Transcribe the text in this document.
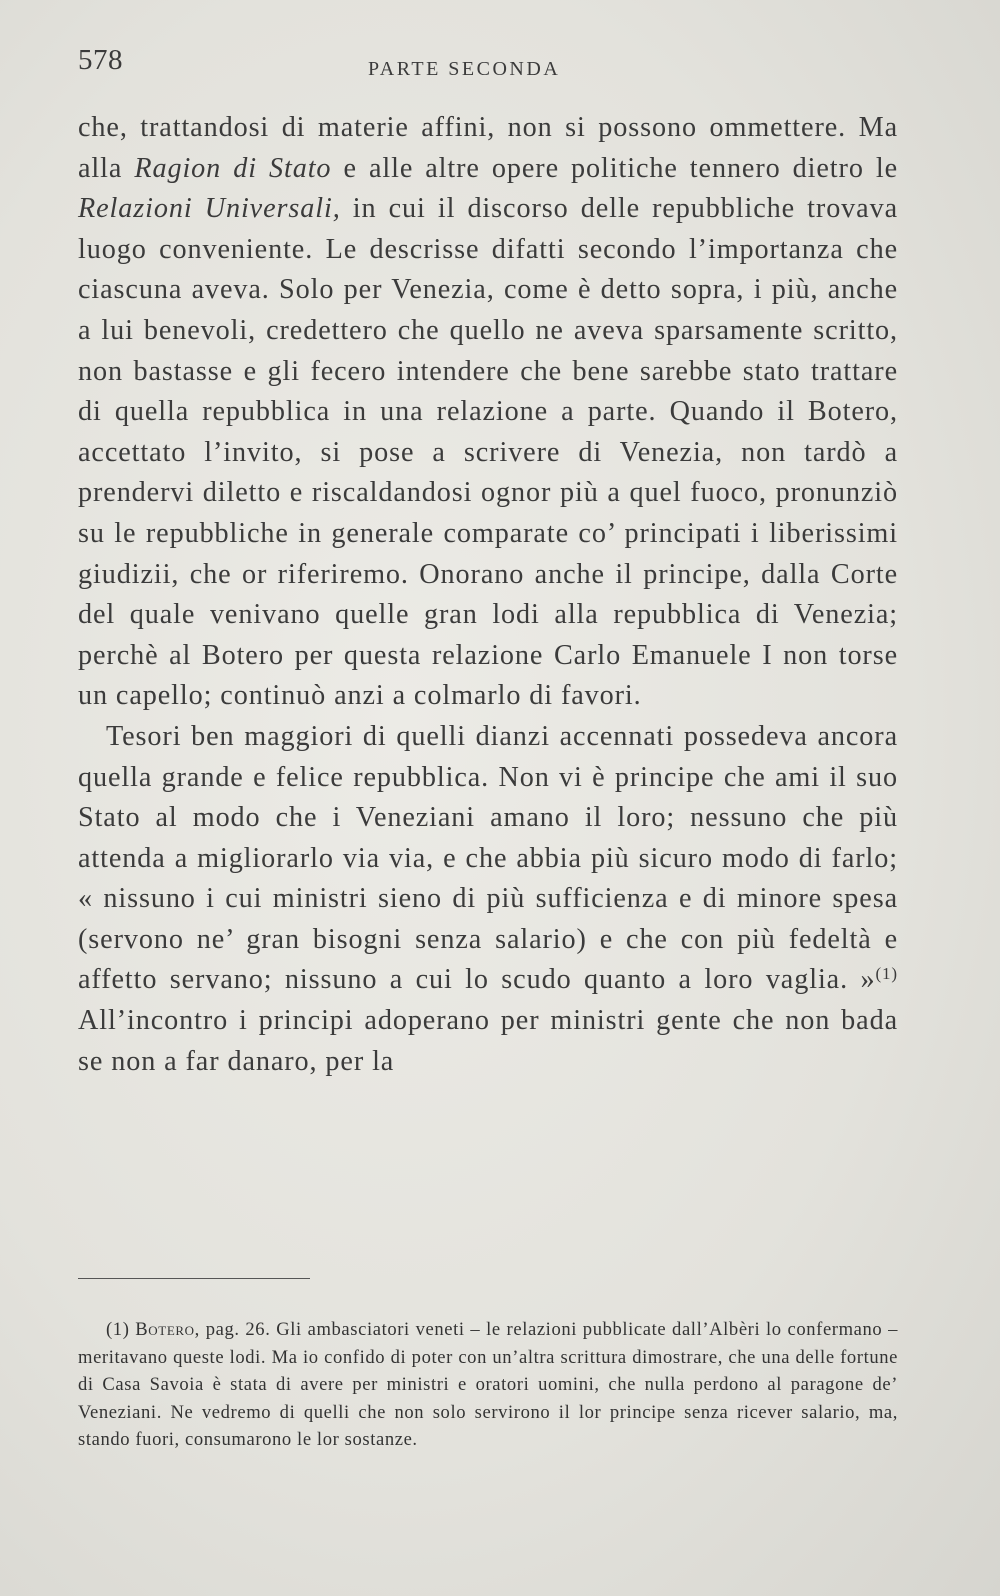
578	PARTE SECONDA

che, trattandosi di materie affini, non si possono ommettere. Ma alla Ragion di Stato e alle altre opere politiche tennero dietro le Relazioni Universali, in cui il discorso delle repubbliche trovava luogo conveniente. Le descrisse difatti secondo l’importanza che ciascuna aveva. Solo per Venezia, come è detto sopra, i più, anche a lui benevoli, credettero che quello ne aveva sparsamente scritto, non bastasse e gli fecero intendere che bene sarebbe stato trattare di quella repubblica in una relazione a parte. Quando il Botero, accettato l’invito, si pose a scrivere di Venezia, non tardò a prendervi diletto e riscaldandosi ognor più a quel fuoco, pronunziò su le repubbliche in generale comparate co’ principati i liberissimi giudizii, che or riferiremo. Onorano anche il principe, dalla Corte del quale venivano quelle gran lodi alla repubblica di Venezia; perchè al Botero per questa relazione Carlo Emanuele I non torse un capello; continuò anzi a colmarlo di favori.

Tesori ben maggiori di quelli dianzi accennati possedeva ancora quella grande e felice repubblica. Non vi è principe che ami il suo Stato al modo che i Veneziani amano il loro; nessuno che più attenda a migliorarlo via via, e che abbia più sicuro modo di farlo; « nissuno i cui ministri sieno di più sufficienza e di minore spesa (servono ne’ gran bisogni senza salario) e che con più fedeltà e affetto servano; nissuno a cui lo scudo quanto a loro vaglia. »$^{(1)}$ All’incontro i principi adoperano per ministri gente che non bada se non a far danaro, per la

(1) Botero, pag. 26. Gli ambasciatori veneti – le relazioni pubblicate dall’Albèri lo confermano – meritavano queste lodi. Ma io confido di poter con un’altra scrittura dimostrare, che una delle fortune di Casa Savoia è stata di avere per ministri e oratori uomini, che nulla perdono al paragone de’ Veneziani. Ne vedremo di quelli che non solo servirono il lor principe senza ricever salario, ma, stando fuori, consumarono le lor sostanze.
